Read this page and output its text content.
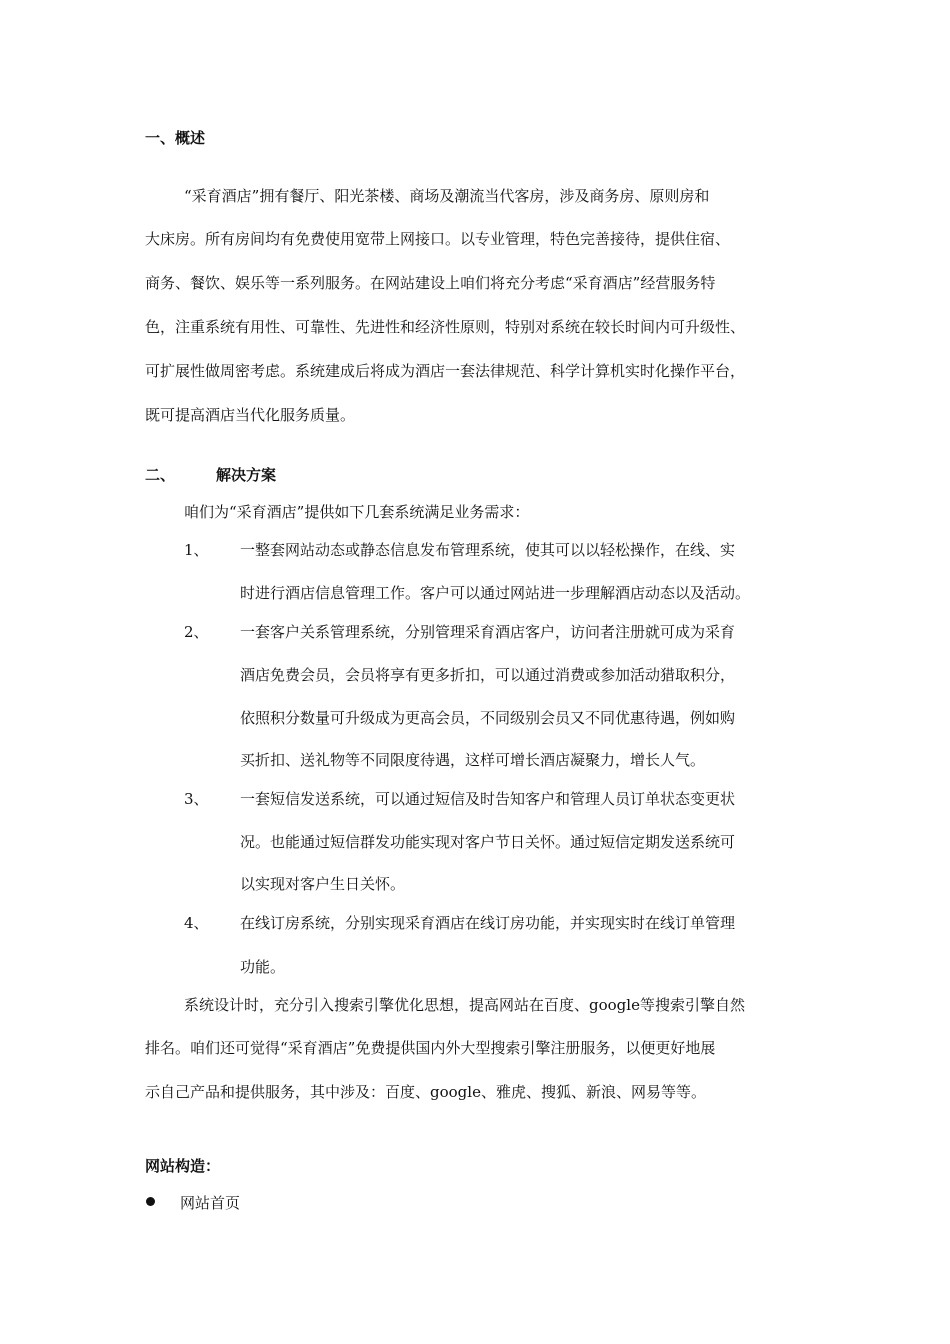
一、概述
“采育酒店”拥有餐厅、阳光茶楼、商场及潮流当代客房，涉及商务房、原则房和
大床房。所有房间均有免费使用宽带上网接口。以专业管理，特色完善接待，提供住宿、
商务、餐饮、娱乐等一系列服务。在网站建设上咱们将充分考虑“采育酒店”经营服务特
色，注重系统有用性、可靠性、先进性和经济性原则，特别对系统在较长时间内可升级性、
可扩展性做周密考虑。系统建成后将成为酒店一套法律规范、科学计算机实时化操作平台，
既可提高酒店当代化服务质量。
二、	解决方案
咱们为“采育酒店”提供如下几套系统满足业务需求：
1、 一整套网站动态或静态信息发布管理系统，使其可以以轻松操作，在线、实
时进行酒店信息管理工作。客户可以通过网站进一步理解酒店动态以及活动。
2、 一套客户关系管理系统，分别管理采育酒店客户，访问者注册就可成为采育
酒店免费会员，会员将享有更多折扣，可以通过消费或参加活动猎取积分，
依照积分数量可升级成为更高会员，不同级别会员又不同优惠待遇，例如购
买折扣、送礼物等不同限度待遇，这样可增长酒店凝聚力，增长人气。
3、 一套短信发送系统，可以通过短信及时告知客户和管理人员订单状态变更状
况。也能通过短信群发功能实现对客户节日关怀。通过短信定期发送系统可
以实现对客户生日关怀。
4、 在线订房系统，分别实现采育酒店在线订房功能，并实现实时在线订单管理
功能。
系统设计时，充分引入搜索引擎优化思想，提高网站在百度、google等搜索引擎自然
排名。咱们还可觉得“采育酒店”免费提供国内外大型搜索引擎注册服务，以便更好地展
示自己产品和提供服务，其中涉及：百度、google、雅虎、搜狐、新浪、网易等等。
网站构造：
网站首页
